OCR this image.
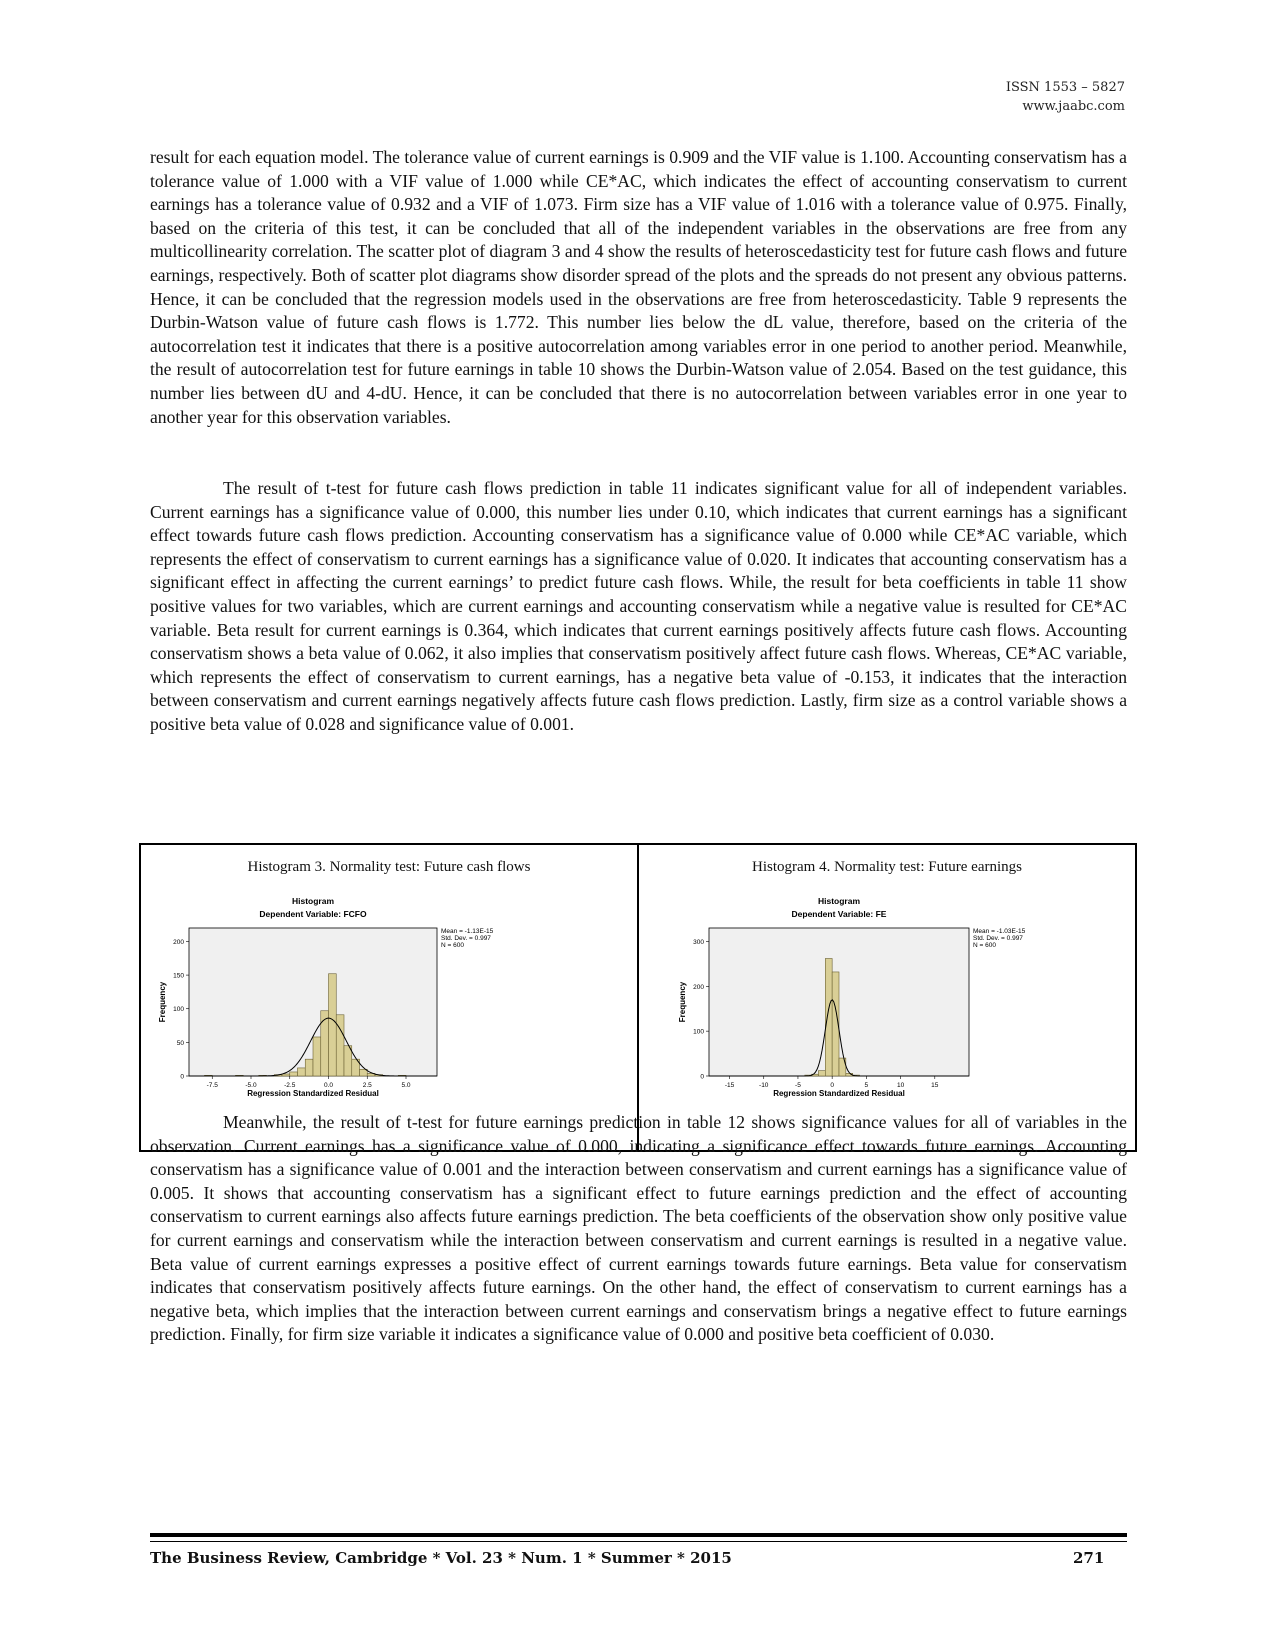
ISSN 1553 – 5827
www.jaabc.com

result for each equation model. The tolerance value of current earnings is 0.909 and the VIF value is 1.100. Accounting conservatism has a tolerance value of 1.000 with a VIF value of 1.000 while CE*AC, which indicates the effect of accounting conservatism to current earnings has a tolerance value of 0.932 and a VIF of 1.073. Firm size has a VIF value of 1.016 with a tolerance value of 0.975. Finally, based on the criteria of this test, it can be concluded that all of the independent variables in the observations are free from any multicollinearity correlation. The scatter plot of diagram 3 and 4 show the results of heteroscedasticity test for future cash flows and future earnings, respectively. Both of scatter plot diagrams show disorder spread of the plots and the spreads do not present any obvious patterns. Hence, it can be concluded that the regression models used in the observations are free from heteroscedasticity. Table 9 represents the Durbin-Watson value of future cash flows is 1.772. This number lies below the dL value, therefore, based on the criteria of the autocorrelation test it indicates that there is a positive autocorrelation among variables error in one period to another period. Meanwhile, the result of autocorrelation test for future earnings in table 10 shows the Durbin-Watson value of 2.054. Based on the test guidance, this number lies between dU and 4-dU. Hence, it can be concluded that there is no autocorrelation between variables error in one year to another year for this observation variables.

The result of t-test for future cash flows prediction in table 11 indicates significant value for all of independent variables. Current earnings has a significance value of 0.000, this number lies under 0.10, which indicates that current earnings has a significant effect towards future cash flows prediction. Accounting conservatism has a significance value of 0.000 while CE*AC variable, which represents the effect of conservatism to current earnings has a significance value of 0.020. It indicates that accounting conservatism has a significant effect in affecting the current earnings’ to predict future cash flows. While, the result for beta coefficients in table 11 show positive values for two variables, which are current earnings and accounting conservatism while a negative value is resulted for CE*AC variable. Beta result for current earnings is 0.364, which indicates that current earnings positively affects future cash flows. Accounting conservatism shows a beta value of 0.062, it also implies that conservatism positively affect future cash flows. Whereas, CE*AC variable, which represents the effect of conservatism to current earnings, has a negative beta value of -0.153, it indicates that the interaction between conservatism and current earnings negatively affects future cash flows prediction. Lastly, firm size as a control variable shows a positive beta value of 0.028 and significance value of 0.001.

Histogram 3. Normality test: Future cash flows
Histogram
Dependent Variable: FCFO
-7.5	-5.0	-2.5	0.0	2.5	5.0
0
50
100
150
200
Regression Standardized Residual
Frequency
Mean = -1.13E-15
Std. Dev. = 0.997
N = 600
Histogram 4. Normality test: Future earnings
Histogram
Dependent Variable: FE
-15	-10	-5	0	5	10	15
0
100
200
300
Regression Standardized Residual
Frequency
Mean = -1.03E-15
Std. Dev. = 0.997
N = 600

Meanwhile, the result of t-test for future earnings prediction in table 12 shows significance values for all of variables in the observation. Current earnings has a significance value of 0.000, indicating a significance effect towards future earnings. Accounting conservatism has a significance value of 0.001 and the interaction between conservatism and current earnings has a significance value of 0.005. It shows that accounting conservatism has a significant effect to future earnings prediction and the effect of accounting conservatism to current earnings also affects future earnings prediction. The beta coefficients of the observation show only positive value for current earnings and conservatism while the interaction between conservatism and current earnings is resulted in a negative value. Beta value of current earnings expresses a positive effect of current earnings towards future earnings. Beta value for conservatism indicates that conservatism positively affects future earnings. On the other hand, the effect of conservatism to current earnings has a negative beta, which implies that the interaction between current earnings and conservatism brings a negative effect to future earnings prediction. Finally, for firm size variable it indicates a significance value of 0.000 and positive beta coefficient of 0.030.

The Business Review, Cambridge * Vol. 23 * Num. 1 * Summer * 2015	271
